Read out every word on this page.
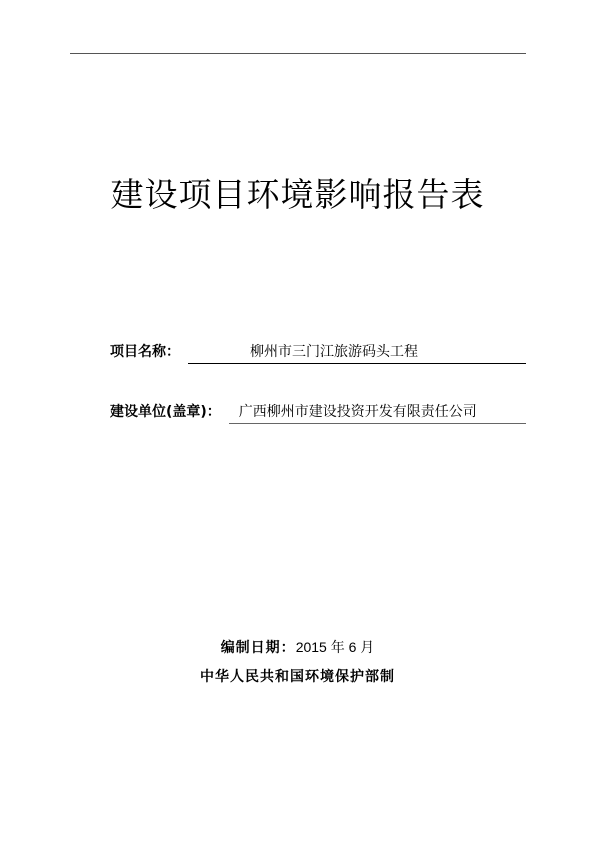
建设项目环境影响报告表
项目名称：	柳州市三门江旅游码头工程
建设单位(盖章)： 广西柳州市建设投资开发有限责任公司
编制日期：2015 年 6 月
中华人民共和国环境保护部制
